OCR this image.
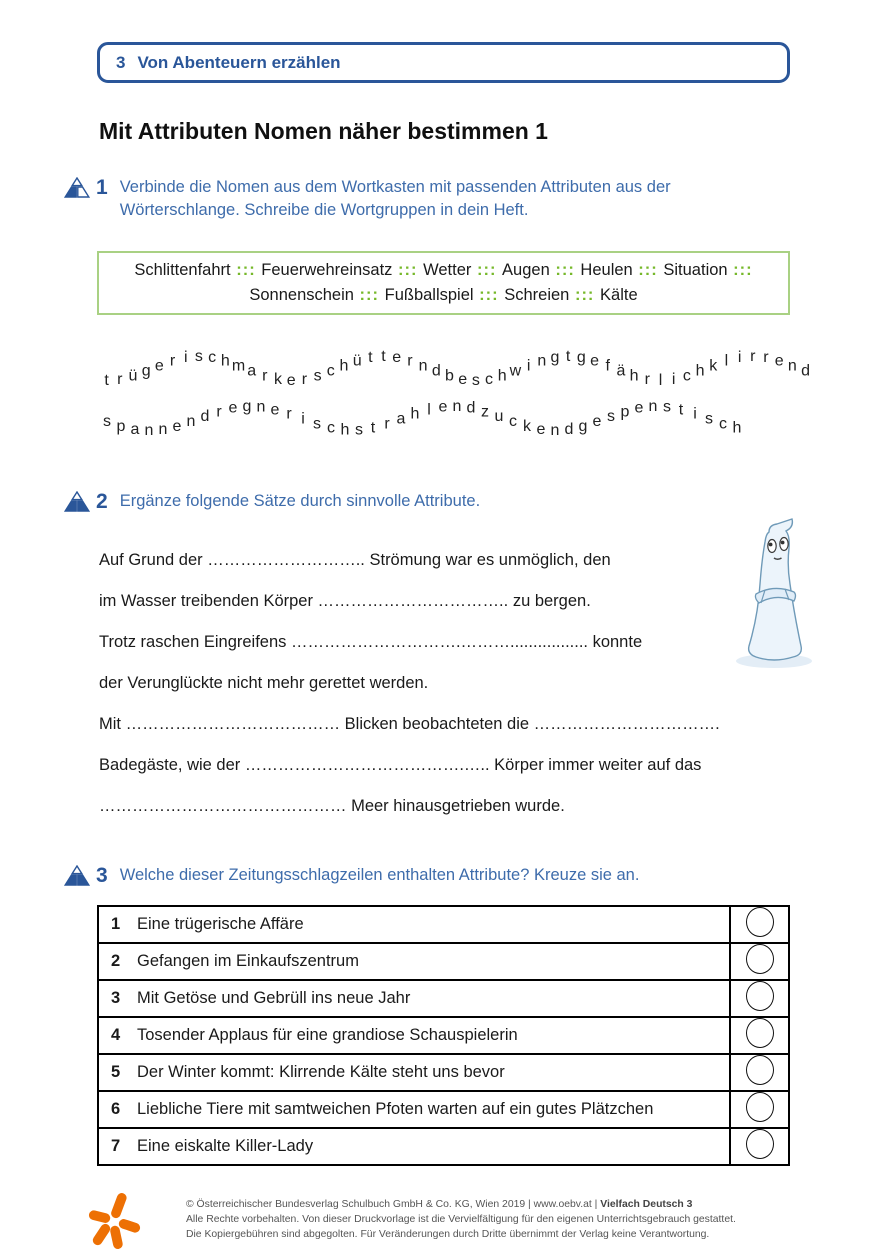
3 Von Abenteuern erzählen
Mit Attributen Nomen näher bestimmen 1
1 Verbinde die Nomen aus dem Wortkasten mit passenden Attributen aus der Wörterschlange. Schreibe die Wortgruppen in dein Heft.
Schlittenfahrt ::: Feuerwehreinsatz ::: Wetter ::: Augen ::: Heulen ::: Situation :::
Sonnenschein ::: Fußballspiel ::: Schreien ::: Kälte
t r ü g e r i s c h m a r k e r s c h ü t t e r n d b e s c h w i n g t g e f ä h r l i c h k l i r r e n d
s p a n n e n d r e g n e r i s c h s t r a h l e n d z u c k e n d g e s p e n s t i s c h
2 Ergänze folgende Sätze durch sinnvolle Attribute.
Auf Grund der ……………………….. Strömung war es unmöglich, den
im Wasser treibenden Körper …………………………….. zu bergen.
Trotz raschen Eingreifens ………………………….………................. konnte
der Verunglückte nicht mehr gerettet werden.
Mit ………………………………… Blicken beobachteten die …………………………….
Badegäste, wie der ………………………………….….. Körper immer weiter auf das
……………………………………… Meer hinausgetrieben wurde.
3 Welche dieser Zeitungsschlagzeilen enthalten Attribute? Kreuze sie an.
1	Eine trügerische Affäre	
2	Gefangen im Einkaufszentrum	
3	Mit Getöse und Gebrüll ins neue Jahr	
4	Tosender Applaus für eine grandiose Schauspielerin	
5	Der Winter kommt: Klirrende Kälte steht uns bevor	
6	Liebliche Tiere mit samtweichen Pfoten warten auf ein gutes Plätzchen	
7	Eine eiskalte Killer-Lady	
© Österreichischer Bundesverlag Schulbuch GmbH & Co. KG, Wien 2019 | www.oebv.at | Vielfach Deutsch 3
Alle Rechte vorbehalten. Von dieser Druckvorlage ist die Vervielfältigung für den eigenen Unterrichtsgebrauch gestattet.
Die Kopiergebühren sind abgegolten. Für Veränderungen durch Dritte übernimmt der Verlag keine Verantwortung.
